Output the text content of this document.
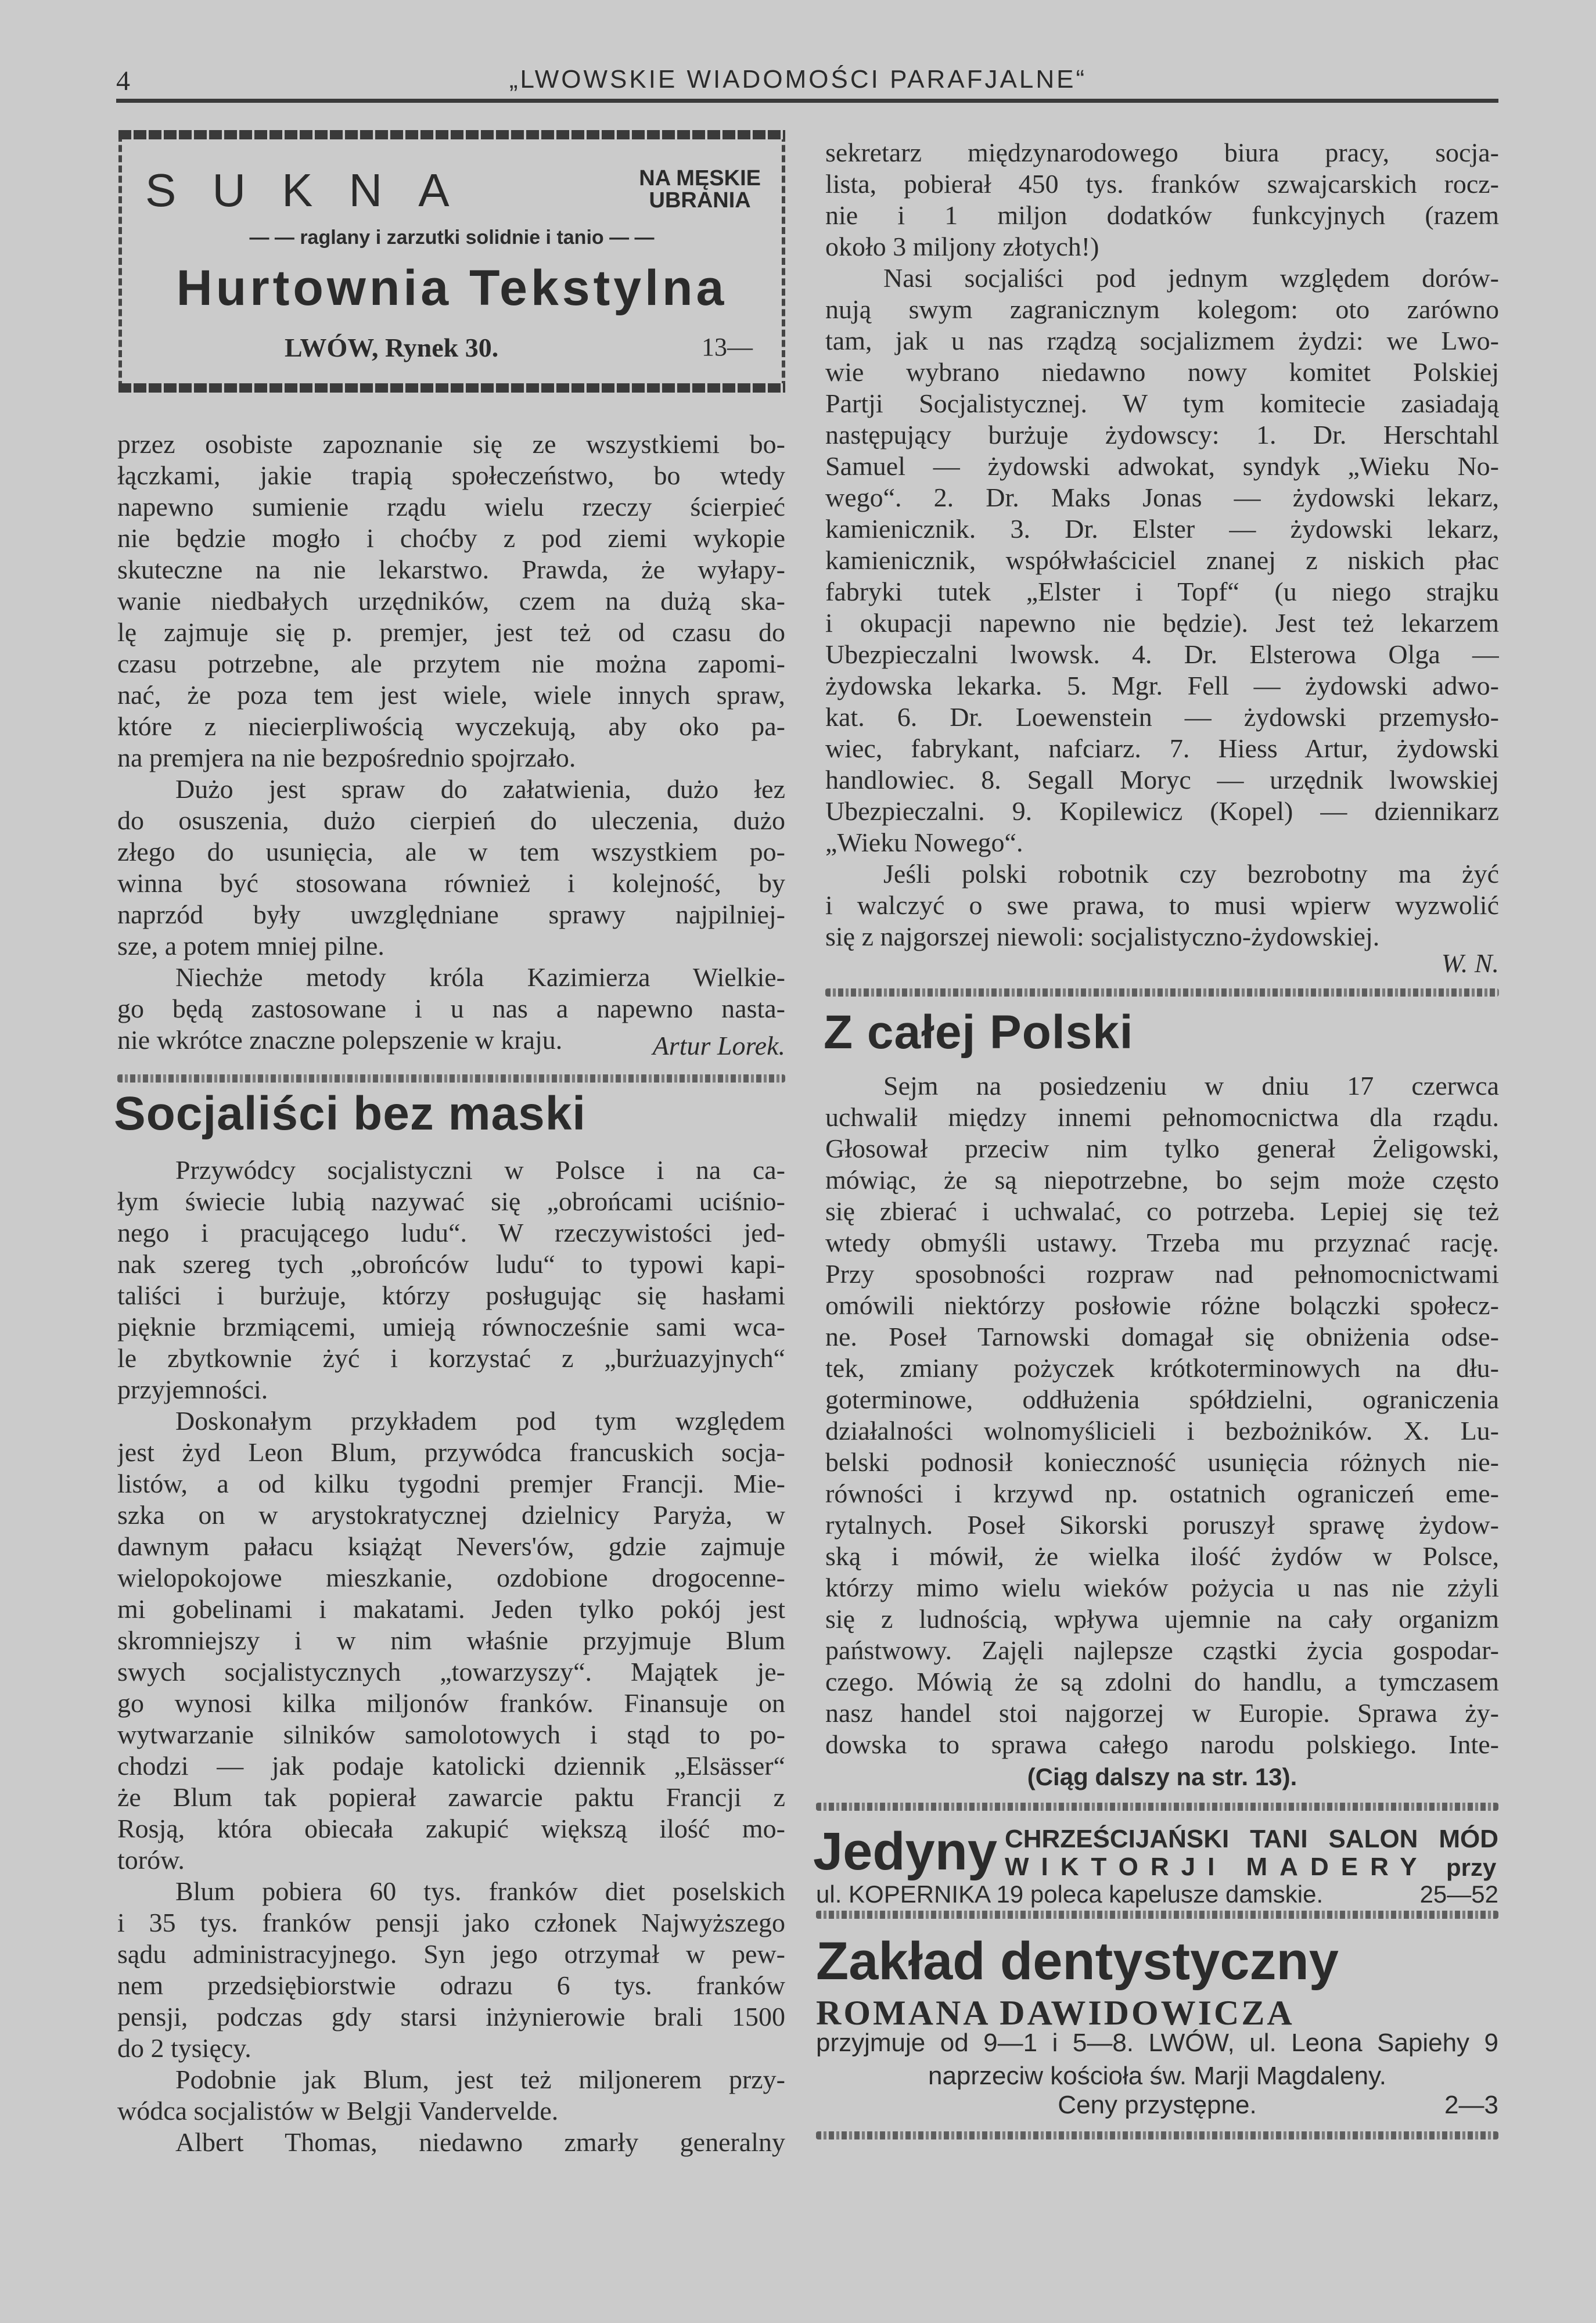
4	„LWOWSKIE WIADOMOŚCI PARAFJALNE“
SUKNA	NA MĘSKIE
UBRANIA
— — raglany i zarzutki solidnie i tanio — —
Hurtownia Tekstylna
LWÓW, Rynek 30.	13—
przez osobiste zapoznanie się ze wszystkiemi bo-
łączkami, jakie trapią społeczeństwo, bo wtedy
napewno sumienie rządu wielu rzeczy ścierpieć
nie będzie mogło i choćby z pod ziemi wykopie
skuteczne na nie lekarstwo. Prawda, że wyłapy-
wanie niedbałych urzędników, czem na dużą ska-
lę zajmuje się p. premjer, jest też od czasu do
czasu potrzebne, ale przytem nie można zapomi-
nać, że poza tem jest wiele, wiele innych spraw,
które z niecierpliwością wyczekują, aby oko pa-
na premjera na nie bezpośrednio spojrzało.
Dużo jest spraw do załatwienia, dużo łez
do osuszenia, dużo cierpień do uleczenia, dużo
złego do usunięcia, ale w tem wszystkiem po-
winna być stosowana również i kolejność, by
naprzód były uwzględniane sprawy najpilniej-
sze, a potem mniej pilne.
Niechże metody króla Kazimierza Wielkie-
go będą zastosowane i u nas a napewno nasta-
nie wkrótce znaczne polepszenie w kraju.	Artur Lorek.
Socjaliści bez maski
Przywódcy socjalistyczni w Polsce i na ca-
łym świecie lubią nazywać się „obrońcami uciśnio-
nego i pracującego ludu“. W rzeczywistości jed-
nak szereg tych „obrońców ludu“ to typowi kapi-
taliści i burżuje, którzy posługując się hasłami
pięknie brzmiącemi, umieją równocześnie sami wca-
le zbytkownie żyć i korzystać z „burżuazyjnych“
przyjemności.
Doskonałym przykładem pod tym względem
jest żyd Leon Blum, przywódca francuskich socja-
listów, a od kilku tygodni premjer Francji. Mie-
szka on w arystokratycznej dzielnicy Paryża, w
dawnym pałacu książąt Nevers'ów, gdzie zajmuje
wielopokojowe mieszkanie, ozdobione drogocenne-
mi gobelinami i makatami. Jeden tylko pokój jest
skromniejszy i w nim właśnie przyjmuje Blum
swych socjalistycznych „towarzyszy“. Majątek je-
go wynosi kilka miljonów franków. Finansuje on
wytwarzanie silników samolotowych i stąd to po-
chodzi — jak podaje katolicki dziennik „Elsässer“
że Blum tak popierał zawarcie paktu Francji z
Rosją, która obiecała zakupić większą ilość mo-
torów.
Blum pobiera 60 tys. franków diet poselskich
i 35 tys. franków pensji jako członek Najwyższego
sądu administracyjnego. Syn jego otrzymał w pew-
nem przedsiębiorstwie odrazu 6 tys. franków
pensji, podczas gdy starsi inżynierowie brali 1500
do 2 tysięcy.
Podobnie jak Blum, jest też miljonerem przy-
wódca socjalistów w Belgji Vandervelde.
Albert Thomas, niedawno zmarły generalny
sekretarz międzynarodowego biura pracy, socja-
lista, pobierał 450 tys. franków szwajcarskich rocz-
nie i 1 miljon dodatków funkcyjnych (razem
około 3 miljony złotych!)
Nasi socjaliści pod jednym względem dorów-
nują swym zagranicznym kolegom: oto zarówno
tam, jak u nas rządzą socjalizmem żydzi: we Lwo-
wie wybrano niedawno nowy komitet Polskiej
Partji Socjalistycznej. W tym komitecie zasiadają
następujący burżuje żydowscy: 1. Dr. Herschtahl
Samuel — żydowski adwokat, syndyk „Wieku No-
wego“. 2. Dr. Maks Jonas — żydowski lekarz,
kamienicznik. 3. Dr. Elster — żydowski lekarz,
kamienicznik, współwłaściciel znanej z niskich płac
fabryki tutek „Elster i Topf“ (u niego strajku
i okupacji napewno nie będzie). Jest też lekarzem
Ubezpieczalni lwowsk. 4. Dr. Elsterowa Olga —
żydowska lekarka. 5. Mgr. Fell — żydowski adwo-
kat. 6. Dr. Loewenstein — żydowski przemysło-
wiec, fabrykant, nafciarz. 7. Hiess Artur, żydowski
handlowiec. 8. Segall Moryc — urzędnik lwowskiej
Ubezpieczalni. 9. Kopilewicz (Kopel) — dziennikarz
„Wieku Nowego“.
Jeśli polski robotnik czy bezrobotny ma żyć
i walczyć o swe prawa, to musi wpierw wyzwolić
się z najgorszej niewoli: socjalistyczno-żydowskiej.
W. N.
Z całej Polski
Sejm na posiedzeniu w dniu 17 czerwca
uchwalił między innemi pełnomocnictwa dla rządu.
Głosował przeciw nim tylko generał Żeligowski,
mówiąc, że są niepotrzebne, bo sejm może często
się zbierać i uchwalać, co potrzeba. Lepiej się też
wtedy obmyśli ustawy. Trzeba mu przyznać rację.
Przy sposobności rozpraw nad pełnomocnictwami
omówili niektórzy posłowie różne bolączki społecz-
ne. Poseł Tarnowski domagał się obniżenia odse-
tek, zmiany pożyczek krótkoterminowych na dłu-
goterminowe, oddłużenia spółdzielni, ograniczenia
działalności wolnomyślicieli i bezbożników. X. Lu-
belski podnosił konieczność usunięcia różnych nie-
równości i krzywd np. ostatnich ograniczeń eme-
rytalnych. Poseł Sikorski poruszył sprawę żydow-
ską i mówił, że wielka ilość żydów w Polsce,
którzy mimo wielu wieków pożycia u nas nie zżyli
się z ludnością, wpływa ujemnie na cały organizm
państwowy. Zajęli najlepsze cząstki życia gospodar-
czego. Mówią że są zdolni do handlu, a tymczasem
nasz handel stoi najgorzej w Europie. Sprawa ży-
dowska to sprawa całego narodu polskiego. Inte-
(Ciąg dalszy na str. 13).
Jedyny CHRZEŚCIJAŃSKI TANI SALON MÓD
WIKTORJI MADERY przy
ul. KOPERNIKA 19 poleca kapelusze damskie.	25—52
Zakład dentystyczny
ROMANA DAWIDOWICZA
przyjmuje od 9—1 i 5—8. LWÓW, ul. Leona Sapiehy 9
naprzeciw kościoła św. Marji Magdaleny.
Ceny przystępne.	2—3
